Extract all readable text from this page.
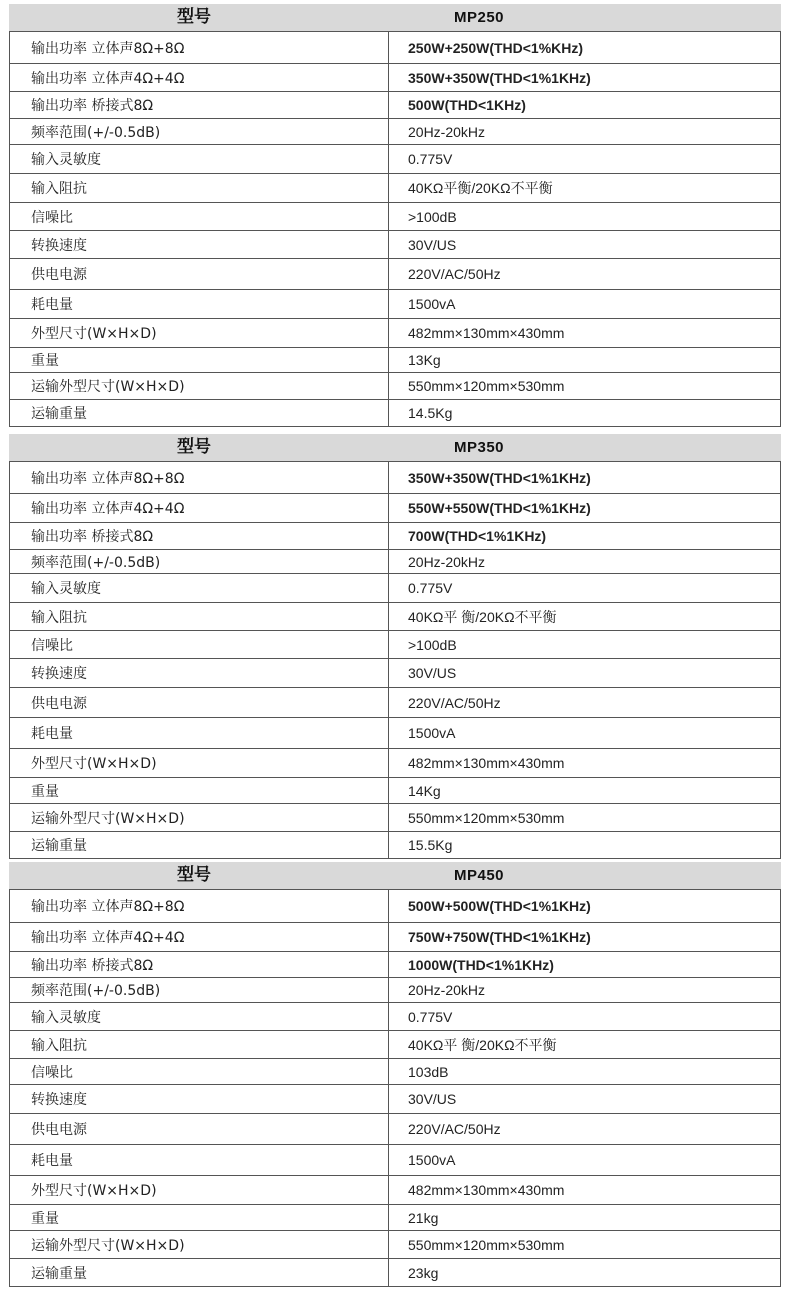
型号	MP250
输出功率 立体声8Ω+8Ω	250W+250W(THD<1%KHz)
输出功率 立体声4Ω+4Ω	350W+350W(THD<1%1KHz)
输出功率 桥接式8Ω	500W(THD<1KHz)
频率范围(+/-0.5dB)	20Hz-20kHz
输入灵敏度	0.775V
输入阻抗	40KΩ平衡/20KΩ不平衡
信噪比	>100dB
转换速度	30V/US
供电电源	220V/AC/50Hz
耗电量	1500vA
外型尺寸(W×H×D)	482mm×130mm×430mm
重量	13Kg
运输外型尺寸(W×H×D)	550mm×120mm×530mm
运输重量	14.5Kg
型号	MP350
输出功率 立体声8Ω+8Ω	350W+350W(THD<1%1KHz)
输出功率 立体声4Ω+4Ω	550W+550W(THD<1%1KHz)
输出功率 桥接式8Ω	700W(THD<1%1KHz)
频率范围(+/-0.5dB)	20Hz-20kHz
输入灵敏度	0.775V
输入阻抗	40KΩ平 衡/20KΩ不平衡
信噪比	>100dB
转换速度	30V/US
供电电源	220V/AC/50Hz
耗电量	1500vA
外型尺寸(W×H×D)	482mm×130mm×430mm
重量	14Kg
运输外型尺寸(W×H×D)	550mm×120mm×530mm
运输重量	15.5Kg
型号	MP450
输出功率 立体声8Ω+8Ω	500W+500W(THD<1%1KHz)
输出功率 立体声4Ω+4Ω	750W+750W(THD<1%1KHz)
输出功率 桥接式8Ω	1000W(THD<1%1KHz)
频率范围(+/-0.5dB)	20Hz-20kHz
输入灵敏度	0.775V
输入阻抗	40KΩ平 衡/20KΩ不平衡
信噪比	103dB
转换速度	30V/US
供电电源	220V/AC/50Hz
耗电量	1500vA
外型尺寸(W×H×D)	482mm×130mm×430mm
重量	21kg
运输外型尺寸(W×H×D)	550mm×120mm×530mm
运输重量	23kg
